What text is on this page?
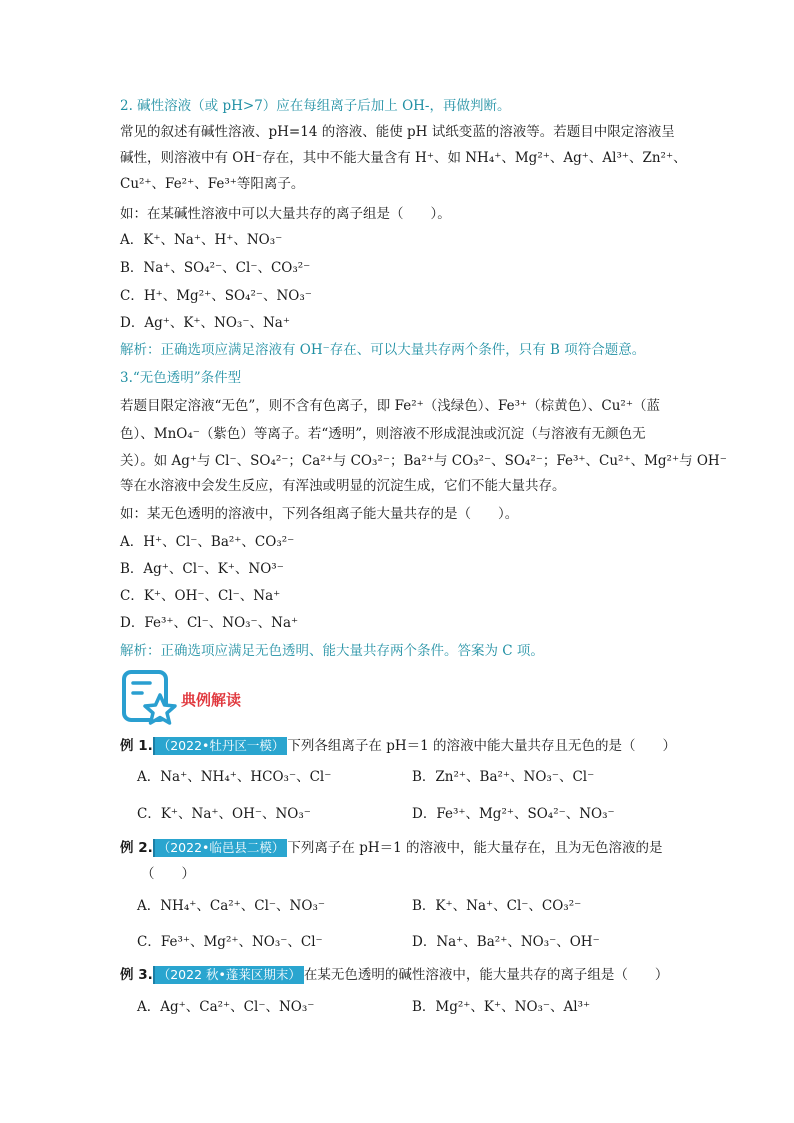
2. 碱性溶液（或 pH>7）应在每组离子后加上 OH-，再做判断。
常见的叙述有碱性溶液、pH=14 的溶液、能使 pH 试纸变蓝的溶液等。若题目中限定溶液呈
碱性，则溶液中有 OH⁻存在，其中不能大量含有 H⁺、如 NH₄⁺、Mg²⁺、Ag⁺、Al³⁺、Zn²⁺、
Cu²⁺、Fe²⁺、Fe³⁺等阳离子。
如：在某碱性溶液中可以大量共存的离子组是（　　）。
A．K⁺、Na⁺、H⁺、NO₃⁻
B．Na⁺、SO₄²⁻、Cl⁻、CO₃²⁻
C．H⁺、Mg²⁺、SO₄²⁻、NO₃⁻
D．Ag⁺、K⁺、NO₃⁻、Na⁺
解析：正确选项应满足溶液有 OH⁻存在、可以大量共存两个条件，只有 B 项符合题意。
3.“无色透明”条件型
若题目限定溶液“无色”，则不含有色离子，即 Fe²⁺（浅绿色）、Fe³⁺（棕黄色）、Cu²⁺（蓝
色）、MnO₄⁻（紫色）等离子。若“透明”，则溶液不形成混浊或沉淀（与溶液有无颜色无
关）。如 Ag⁺与 Cl⁻、SO₄²⁻；Ca²⁺与 CO₃²⁻；Ba²⁺与 CO₃²⁻、SO₄²⁻；Fe³⁺、Cu²⁺、Mg²⁺与 OH⁻
等在水溶液中会发生反应，有浑浊或明显的沉淀生成，它们不能大量共存。
如：某无色透明的溶液中，下列各组离子能大量共存的是（　　）。
A．H⁺、Cl⁻、Ba²⁺、CO₃²⁻
B．Ag⁺、Cl⁻、K⁺、NO³⁻
C．K⁺、OH⁻、Cl⁻、Na⁺
D．Fe³⁺、Cl⁻、NO₃⁻、Na⁺
解析：正确选项应满足无色透明、能大量共存两个条件。答案为 C 项。
典例解读
例 1. （2022•牡丹区一模） 下列各组离子在 pH＝1 的溶液中能大量共存且无色的是（　　）
A．Na⁺、NH₄⁺、HCO₃⁻、Cl⁻	B．Zn²⁺、Ba²⁺、NO₃⁻、Cl⁻
C．K⁺、Na⁺、OH⁻、NO₃⁻	D．Fe³⁺、Mg²⁺、SO₄²⁻、NO₃⁻
例 2. （2022•临邑县二模） 下列离子在 pH＝1 的溶液中，能大量存在，且为无色溶液的是
（　　）
A．NH₄⁺、Ca²⁺、Cl⁻、NO₃⁻	B．K⁺、Na⁺、Cl⁻、CO₃²⁻
C．Fe³⁺、Mg²⁺、NO₃⁻、Cl⁻	D．Na⁺、Ba²⁺、NO₃⁻、OH⁻
例 3. （2022 秋•蓬莱区期末） 在某无色透明的碱性溶液中，能大量共存的离子组是（　　）
A．Ag⁺、Ca²⁺、Cl⁻、NO₃⁻	B．Mg²⁺、K⁺、NO₃⁻、Al³⁺
